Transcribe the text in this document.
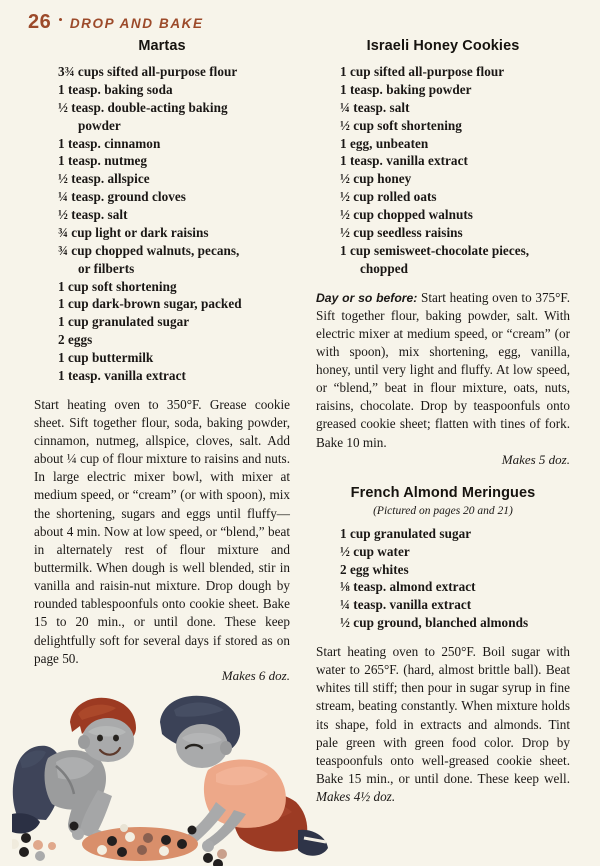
26 • DROP AND BAKE
Martas
3¾ cups sifted all-purpose flour
1 teasp. baking soda
½ teasp. double-acting baking
powder
1 teasp. cinnamon
1 teasp. nutmeg
½ teasp. allspice
¼ teasp. ground cloves
½ teasp. salt
¾ cup light or dark raisins
¾ cup chopped walnuts, pecans,
or filberts
1 cup soft shortening
1 cup dark-brown sugar, packed
1 cup granulated sugar
2 eggs
1 cup buttermilk
1 teasp. vanilla extract

Start heating oven to 350°F. Grease cookie sheet. Sift together flour, soda, baking powder, cinnamon, nutmeg, allspice, cloves, salt. Add about ¼ cup of flour mixture to raisins and nuts. In large electric mixer bowl, with mixer at medium speed, or “cream” (or with spoon), mix the shortening, sugars and eggs until fluffy—about 4 min. Now at low speed, or “blend,” beat in alternately rest of flour mixture and buttermilk. When dough is well blended, stir in vanilla and raisin-nut mixture. Drop dough by rounded tablespoonfuls onto cookie sheet. Bake 15 to 20 min., or until done. These keep delightfully soft for several days if stored as on page 50.

Makes 6 doz.
Israeli Honey Cookies
1 cup sifted all-purpose flour
1 teasp. baking powder
¼ teasp. salt
½ cup soft shortening
1 egg, unbeaten
1 teasp. vanilla extract
½ cup honey
½ cup rolled oats
½ cup chopped walnuts
½ cup seedless raisins
1 cup semisweet-chocolate pieces,
chopped

Day or so before: Start heating oven to 375°F. Sift together flour, baking powder, salt. With electric mixer at medium speed, or “cream” (or with spoon), mix shortening, egg, vanilla, honey, until very light and fluffy. At low speed, or “blend,” beat in flour mixture, oats, nuts, raisins, chocolate. Drop by teaspoonfuls onto greased cookie sheet; flatten with tines of fork. Bake 10 min.

Makes 5 doz.
French Almond Meringues
(Pictured on pages 20 and 21)
1 cup granulated sugar
½ cup water
2 egg whites
⅛ teasp. almond extract
¼ teasp. vanilla extract
½ cup ground, blanched almonds

Start heating oven to 250°F. Boil sugar with water to 265°F. (hard, almost brittle ball). Beat whites till stiff; then pour in sugar syrup in fine stream, beating constantly. When mixture holds its shape, fold in extracts and almonds. Tint pale green with green food color. Drop by teaspoonfuls onto well-greased cookie sheet. Bake 15 min., or until done. These keep well. Makes 4½ doz.
